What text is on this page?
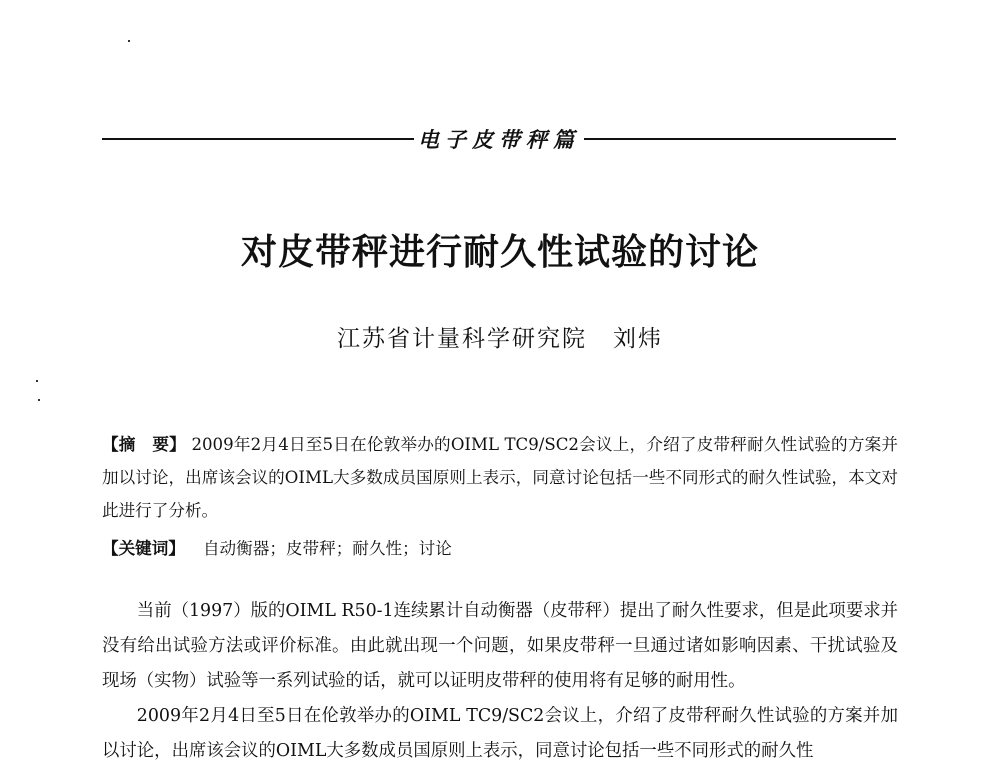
电子皮带秤篇
对皮带秤进行耐久性试验的讨论
江苏省计量科学研究院 刘炜
【摘　要】 2009年2月4日至5日在伦敦举办的OIML TC9/SC2会议上，介绍了皮带秤耐久性试验的方案并加以讨论，出席该会议的OIML大多数成员国原则上表示，同意讨论包括一些不同形式的耐久性试验，本文对此进行了分析。
【关键词】 自动衡器；皮带秤；耐久性；讨论

当前（1997）版的OIML R50-1连续累计自动衡器（皮带秤）提出了耐久性要求，但是此项要求并没有给出试验方法或评价标准。由此就出现一个问题，如果皮带秤一旦通过诸如影响因素、干扰试验及现场（实物）试验等一系列试验的话，就可以证明皮带秤的使用将有足够的耐用性。

2009年2月4日至5日在伦敦举办的OIML TC9/SC2会议上，介绍了皮带秤耐久性试验的方案并加以讨论，出席该会议的OIML大多数成员国原则上表示，同意讨论包括一些不同形式的耐久性
